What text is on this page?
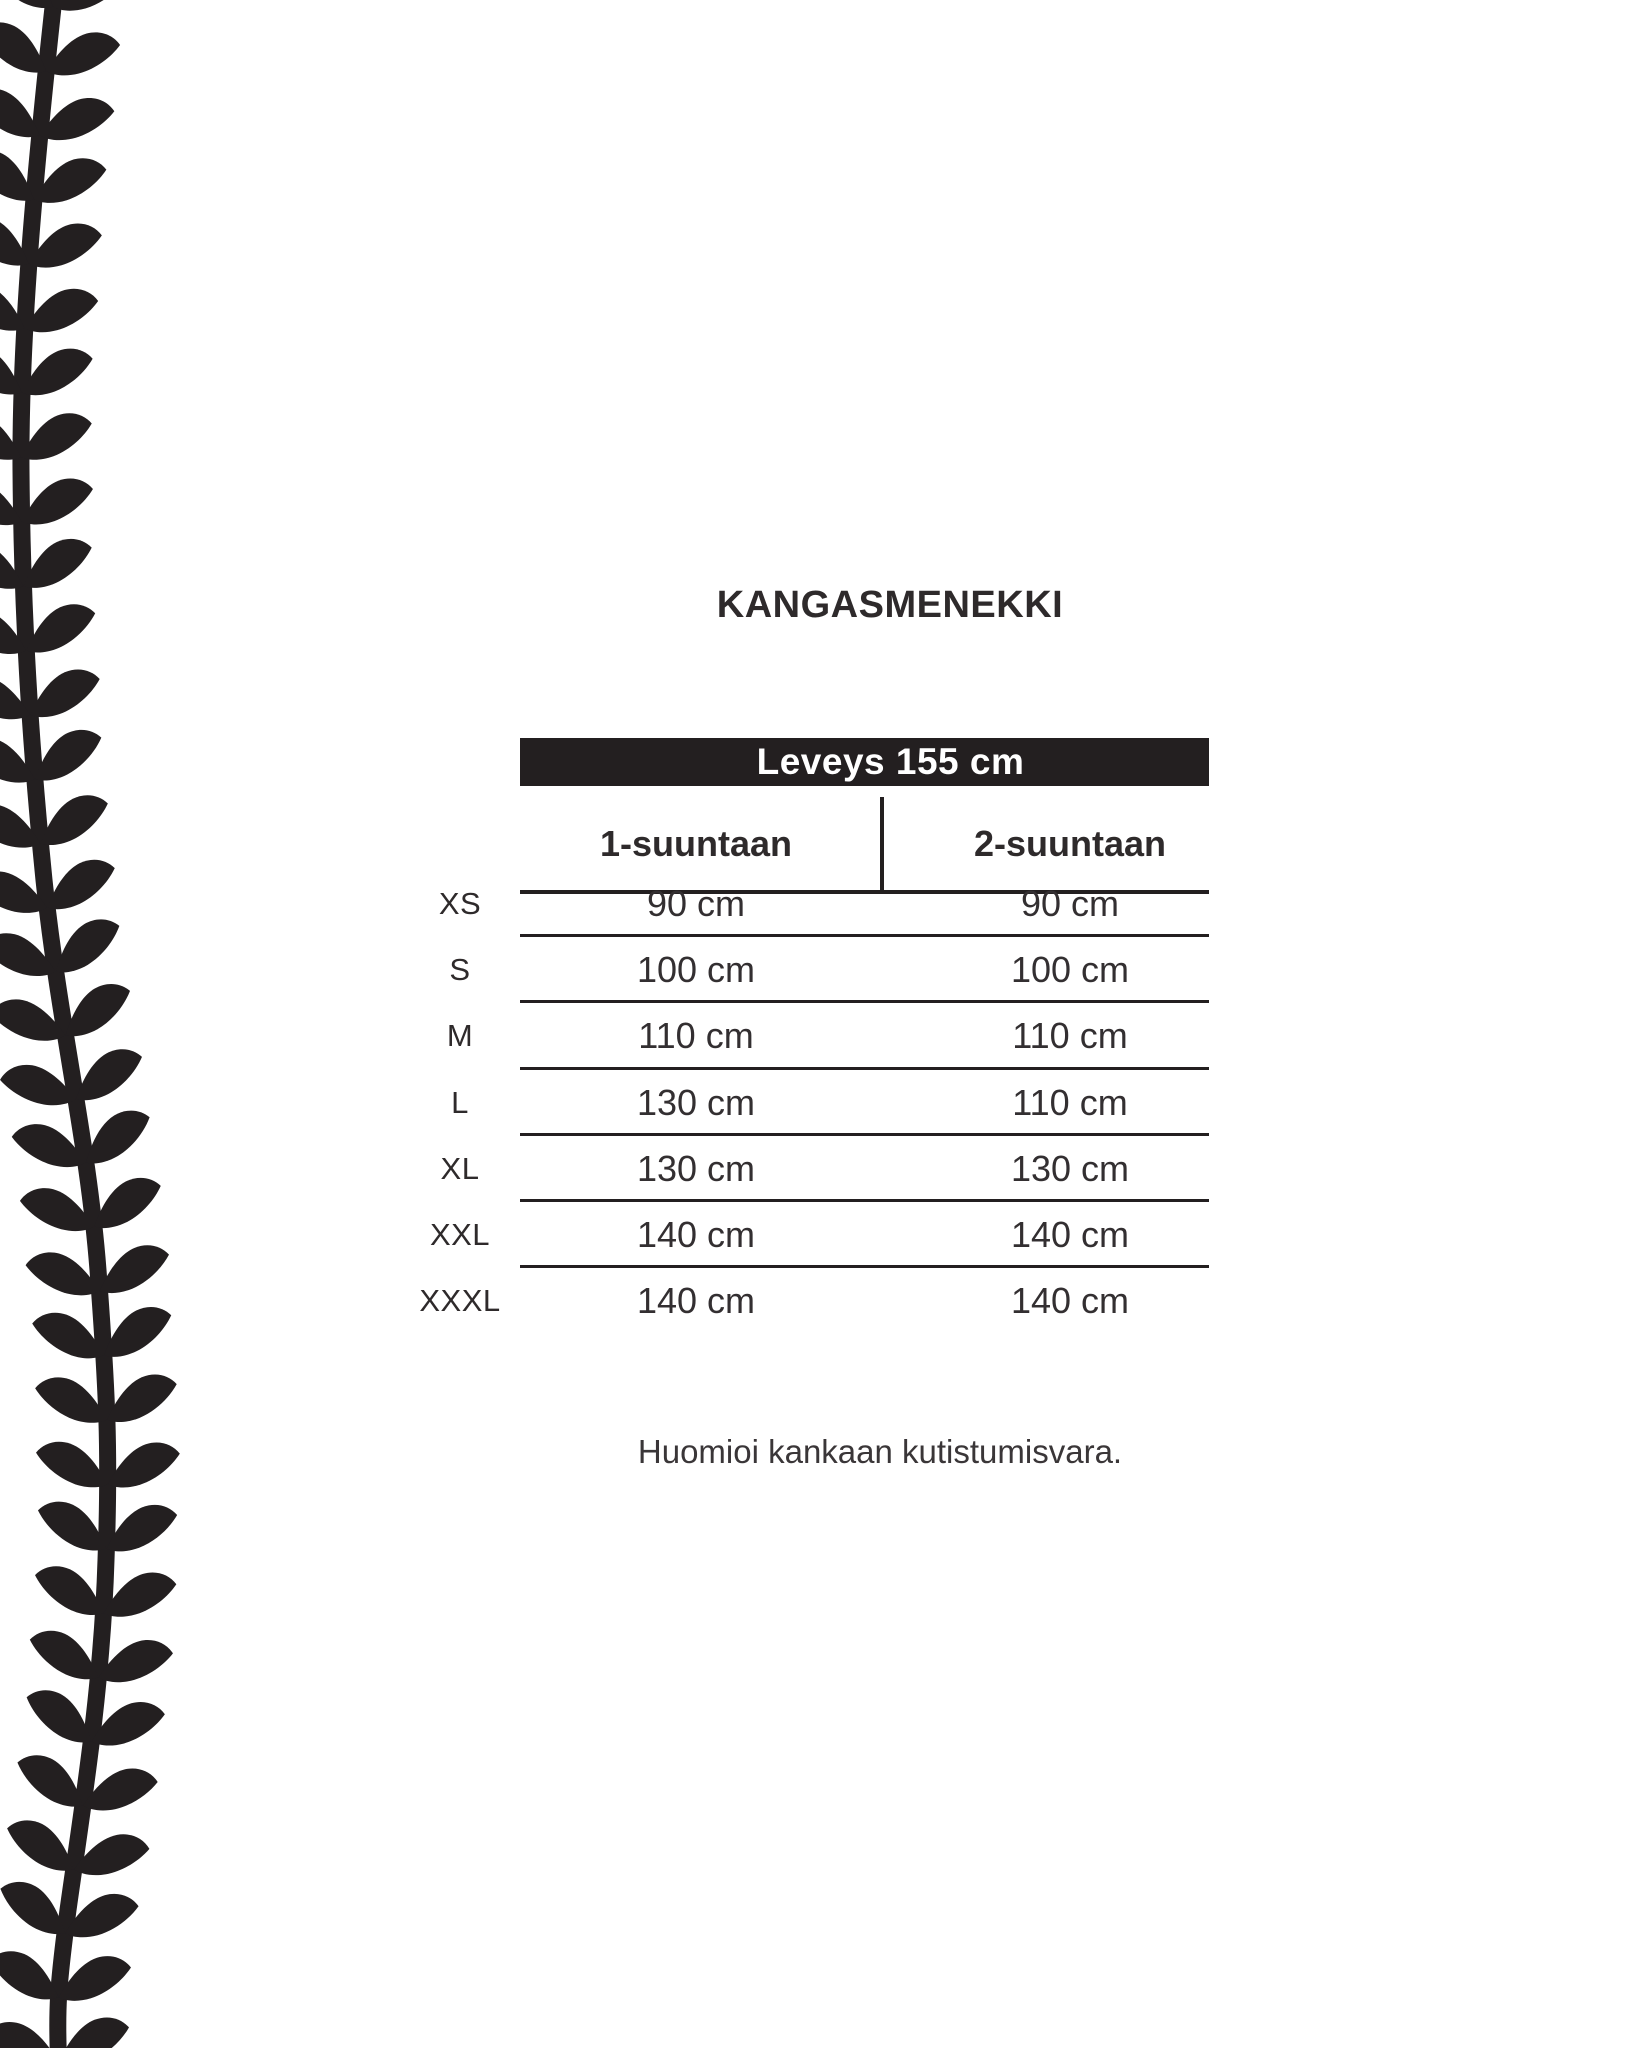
KANGASMENEKKI
Leveys 155 cm
1-suuntaan	2-suuntaan
XS	90 cm	90 cm
S	100 cm	100 cm
M	110 cm	110 cm
L	130 cm	110 cm
XL	130 cm	130 cm
XXL	140 cm	140 cm
XXXL	140 cm	140 cm
Huomioi kankaan kutistumisvara.
